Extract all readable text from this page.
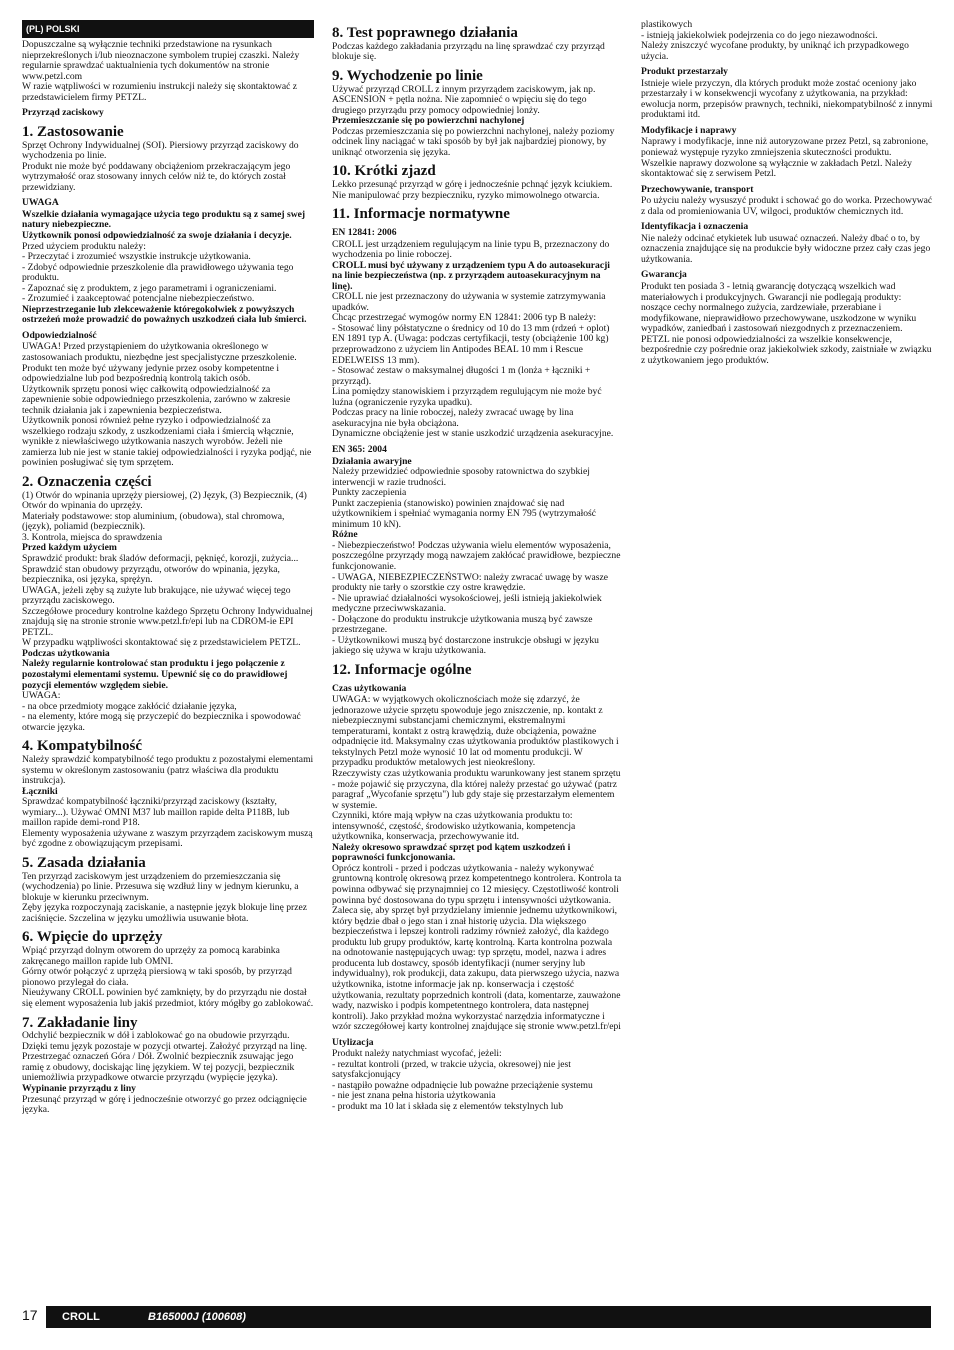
(PL) POLSKI

Dopuszczalne są wyłącznie techniki przedstawione na rysunkach nieprzekreślonych i/lub nieoznaczone symbolem trupiej czaszki. Należy regularnie sprawdzać uaktualnienia tych dokumentów na stronie www.petzl.com

W razie wątpliwości w rozumieniu instrukcji należy się skontaktować z przedstawicielem firmy PETZL.

Przyrząd zaciskowy
1. Zastosowanie

Sprzęt Ochrony Indywidualnej (SOI). Piersiowy przyrząd zaciskowy do wychodzenia po linie.

Produkt nie może być poddawany obciążeniom przekraczającym jego wytrzymałość oraz stosowany innych celów niż te, do których został przewidziany.

UWAGA

Wszelkie działania wymagające użycia tego produktu są z samej swej natury niebezpieczne.

Użytkownik ponosi odpowiedzialność za swoje działania i decyzje.

Przed użyciem produktu należy:

- Przeczytać i zrozumieć wszystkie instrukcje użytkowania.

- Zdobyć odpowiednie przeszkolenie dla prawidłowego używania tego produktu.

- Zapoznać się z produktem, z jego parametrami i ograniczeniami.

- Zrozumieć i zaakceptować potencjalne niebezpieczeństwo.

Nieprzestrzeganie lub zlekceważenie któregokolwiek z powyższych ostrzeżeń może prowadzić do poważnych uszkodzeń ciała lub śmierci.

Odpowiedzialność

UWAGA! Przed przystąpieniem do użytkowania określonego w zastosowaniach produktu, niezbędne jest specjalistyczne przeszkolenie.

Produkt ten może być używany jedynie przez osoby kompetentne i odpowiedzialne lub pod bezpośrednią kontrolą takich osób.

Użytkownik sprzętu ponosi więc całkowitą odpowiedzialność za zapewnienie sobie odpowiedniego przeszkolenia, zarówno w zakresie technik działania jak i zapewnienia bezpieczeństwa.

Użytkownik ponosi również pełne ryzyko i odpowiedzialność za wszelkiego rodzaju szkody, z uszkodzeniami ciała i śmiercią włącznie, wynikłe z niewłaściwego użytkowania naszych wyrobów. Jeżeli nie zamierza lub nie jest w stanie takiej odpowiedzialności i ryzyka podjąć, nie powinien posługiwać się tym sprzętem.

2. Oznaczenia części

(1) Otwór do wpinania uprzęży piersiowej, (2) Język, (3) Bezpiecznik, (4) Otwór do wpinania do uprzęży.

Materiały podstawowe: stop aluminium, (obudowa), stal chromowa, (język), poliamid (bezpiecznik).

3. Kontrola, miejsca do sprawdzenia

Przed każdym użyciem

Sprawdzić produkt: brak śladów deformacji, pęknięć, korozji, zużycia...

Sprawdzić stan obudowy przyrządu, otworów do wpinania, języka, bezpiecznika, osi języka, sprężyn.

UWAGA, jeżeli zęby są zużyte lub brakujące, nie używać więcej tego przyrządu zaciskowego.

Szczegółowe procedury kontrolne każdego Sprzętu Ochrony Indywidualnej znajdują się na stronie stronie www.petzl.fr/epi lub na CDROM-ie EPI PETZL.

W przypadku wątpliwości skontaktować się z przedstawicielem PETZL.

Podczas użytkowania

Należy regularnie kontrolować stan produktu i jego połączenie z pozostałymi elementami systemu. Upewnić się co do prawidłowej pozycji elementów względem siebie.

UWAGA:

- na obce przedmioty mogące zakłócić działanie języka,

- na elementy, które mogą się przyczepić do bezpiecznika i spowodować otwarcie języka.

4. Kompatybilność

Należy sprawdzić kompatybilność tego produktu z pozostałymi elementami systemu w określonym zastosowaniu (patrz właściwa dla produktu instrukcja).

Łączniki

Sprawdzać kompatybilność łączniki/przyrząd zaciskowy (kształty, wymiary...). Używać OMNI M37 lub maillon rapide delta P118B, lub maillon rapide demi-rond P18.

Elementy wyposażenia używane z waszym przyrządem zaciskowym muszą być zgodne z obowiązującym przepisami.

5. Zasada działania

Ten przyrząd zaciskowym jest urządzeniem do przemieszczania się (wychodzenia) po linie. Przesuwa się wzdłuż liny w jednym kierunku, a blokuje w kierunku przeciwnym.

Zęby języka rozpoczynają zaciskanie, a następnie język blokuje linę przez zaciśnięcie. Szczelina w języku umożliwia usuwanie błota.

6. Wpięcie do uprzęży

Wpiąć przyrząd dolnym otworem do uprzęży za pomocą karabinka zakręcanego maillon rapide lub OMNI.

Górny otwór połączyć z uprzężą piersiową w taki sposób, by przyrząd pionowo przylegał do ciała.

Nieużywany CROLL powinien być zamknięty, by do przyrządu nie dostał się element wyposażenia lub jakiś przedmiot, który mógłby go zablokować.

7. Zakładanie liny

Odchylić bezpiecznik w dół i zablokować go na obudowie przyrządu. Dzięki temu język pozostaje w pozycji otwartej. Założyć przyrząd na linę. Przestrzegać oznaczeń Góra / Dół. Zwolnić bezpiecznik zsuwając jego ramię z obudowy, dociskając linę językiem. W tej pozycji, bezpiecznik uniemożliwia przypadkowe otwarcie przyrządu (wypięcie języka).

Wypinanie przyrządu z liny

Przesunąć przyrząd w górę i jednocześnie otworzyć go przez odciągnięcie języka.

8. Test poprawnego działania

Podczas każdego zakładania przyrządu na linę sprawdzać czy przyrząd blokuje się.

9. Wychodzenie po linie

Używać przyrząd CROLL z innym przyrządem zaciskowym, jak np. ASCENSION + pętla nożna. Nie zapomnieć o wpięciu się do tego drugiego przyrządu przy pomocy odpowiedniej lonży.

Przemieszczanie się po powierzchni nachylonej

Podczas przemieszczania się po powierzchni nachylonej, należy poziomy odcinek liny naciągać w taki sposób by był jak najbardziej pionowy, by uniknąć otworzenia się języka.

10. Krótki zjazd

Lekko przesunąć przyrząd w górę i jednocześnie pchnąć język kciukiem. Nie manipulować przy bezpieczniku, ryzyko mimowolnego otwarcia.

11. Informacje normatywne
EN 12841: 2006

CROLL jest urządzeniem regulującym na linie typu B, przeznaczony do wychodzenia po linie roboczej.

CROLL musi być używany z urządzeniem typu A do autoasekuracji na linie bezpieczeństwa (np. z przyrządem autoasekuracyjnym na linę).

CROLL nie jest przeznaczony do używania w systemie zatrzymywania upadków.

Chcąc przestrzegać wymogów normy EN 12841: 2006 typ B należy:

- Stosować liny półstatyczne o średnicy od 10 do 13 mm (rdzeń + oplot) EN 1891 typ A. (Uwaga: podczas certyfikacji, testy (obciążenie 100 kg) przeprowadzono z użyciem lin Antipodes BEAL 10 mm i Rescue EDELWEISS 13 mm).

- Stosować zestaw o maksymalnej długości 1 m (lonża + łączniki + przyrząd).

Lina pomiędzy stanowiskiem i przyrządem regulującym nie może być luźna (ograniczenie ryzyka upadku).

Podczas pracy na linie roboczej, należy zwracać uwagę by lina asekuracyjna nie była obciążona.

Dynamiczne obciążenie jest w stanie uszkodzić urządzenia asekuracyjne.

EN 365: 2004

Działania awaryjne

Należy przewidzieć odpowiednie sposoby ratownictwa do szybkiej interwencji w razie trudności.

Punkty zaczepienia

Punkt zaczepienia (stanowisko) powinien znajdować się nad użytkownikiem i spełniać wymagania normy EN 795 (wytrzymałość minimum 10 kN).

Różne

- Niebezpieczeństwo! Podczas używania wielu elementów wyposażenia, poszczególne przyrządy mogą nawzajem zakłócać prawidłowe, bezpieczne funkcjonowanie.

- UWAGA, NIEBEZPIECZEŃSTWO: należy zwracać uwagę by wasze produkty nie tarły o szorstkie czy ostre krawędzie.

- Nie uprawiać działalności wysokościowej, jeśli istnieją jakiekolwiek medyczne przeciwwskazania.

- Dołączone do produktu instrukcje użytkowania muszą być zawsze przestrzegane.

- Użytkownikowi muszą być dostarczone instrukcje obsługi w języku jakiego się używa w kraju użytkowania.

12. Informacje ogólne
Czas użytkowania

UWAGA: w wyjątkowych okolicznościach może się zdarzyć, że jednorazowe użycie sprzętu spowoduje jego zniszczenie, np. kontakt z niebezpiecznymi substancjami chemicznymi, ekstremalnymi temperaturami, kontakt z ostrą krawędzią, duże obciążenia, poważne odpadnięcie itd. Maksymalny czas użytkowania produktów plastikowych i tekstylnych Petzl może wynosić 10 lat od momentu produkcji. W przypadku produktów metalowych jest nieokreślony.

Rzeczywisty czas użytkowania produktu warunkowany jest stanem sprzętu - może pojawić się przyczyna, dla której należy przestać go używać (patrz paragraf „Wycofanie sprzętu") lub gdy staje się przestarzałym elementem w systemie.

Czynniki, które mają wpływ na czas użytkowania produktu to: intensywność, częstość, środowisko użytkowania, kompetencja użytkownika, konserwacja, przechowywanie itd.

Należy okresowo sprawdzać sprzęt pod kątem uszkodzeń i poprawności funkcjonowania.

Oprócz kontroli - przed i podczas użytkowania - należy wykonywać gruntowną kontrolę okresową przez kompetentnego kontrolera. Kontrola ta powinna odbywać się przynajmniej co 12 miesięcy. Częstotliwość kontroli powinna być dostosowana do typu sprzętu i intensywności użytkowania. Zaleca się, aby sprzęt był przydzielany imiennie jednemu użytkownikowi, który będzie dbał o jego stan i znał historię użycia. Dla większego bezpieczeństwa i lepszej kontroli radzimy również założyć, dla każdego produktu lub grupy produktów, kartę kontrolną. Karta kontrolna pozwala na odnotowanie następujących uwag: typ sprzętu, model, nazwa i adres producenta lub dostawcy, sposób identyfikacji (numer seryjny lub indywidualny), rok produkcji, data zakupu, data pierwszego użycia, nazwa użytkownika, istotne informacje jak np. konserwacja i częstość użytkowania, rezultaty poprzednich kontroli (data, komentarze, zauważone wady, nazwisko i podpis kompetentnego kontrolera, data następnej kontroli). Jako przykład można wykorzystać narzędzia informatyczne i wzór szczegółowej karty kontrolnej znajdujące się stronie www.petzl.fr/epi

Utylizacja

Produkt należy natychmiast wycofać, jeżeli:

- rezultat kontroli (przed, w trakcie użycia, okresowej) nie jest satysfakcjonujący

- nastąpiło poważne odpadnięcie lub poważne przeciążenie systemu

- nie jest znana pełna historia użytkowania

- produkt ma 10 lat i składa się z elementów tekstylnych lub

plastikowych

- istnieją jakiekolwiek podejrzenia co do jego niezawodności.

Należy zniszczyć wycofane produkty, by uniknąć ich przypadkowego użycia.

Produkt przestarzały

Istnieje wiele przyczyn, dla których produkt może zostać oceniony jako przestarzały i w konsekwencji wycofany z użytkowania, na przykład: ewolucja norm, przepisów prawnych, techniki, niekompatybilność z innymi produktami itd.

Modyfikacje i naprawy

Naprawy i modyfikacje, inne niż autoryzowane przez Petzl, są zabronione, ponieważ występuje ryzyko zmniejszenia skuteczności produktu.

Wszelkie naprawy dozwolone są wyłącznie w zakładach Petzl. Należy skontaktować się z serwisem Petzl.

Przechowywanie, transport

Po użyciu należy wysuszyć produkt i schować go do worka. Przechowywać z dala od promieniowania UV, wilgoci, produktów chemicznych itd.

Identyfikacja i oznaczenia

Nie należy odcinać etykietek lub usuwać oznaczeń. Należy dbać o to, by oznaczenia znajdujące się na produkcie były widoczne przez cały czas jego użytkowania.

Gwarancja

Produkt ten posiada 3 - letnią gwarancję dotyczącą wszelkich wad materiałowych i produkcyjnych. Gwarancji nie podlegają produkty: noszące cechy normalnego zużycia, zardzewiałe, przerabiane i modyfikowane, nieprawidłowo przechowywane, uszkodzone w wyniku wypadków, zaniedbań i zastosowań niezgodnych z przeznaczeniem.

PETZL nie ponosi odpowiedzialności za wszelkie konsekwencje, bezpośrednie czy pośrednie oraz jakiekolwiek szkody, zaistniałe w związku z użytkowaniem jego produktów.

17 CROLL	B165000J (100608)
